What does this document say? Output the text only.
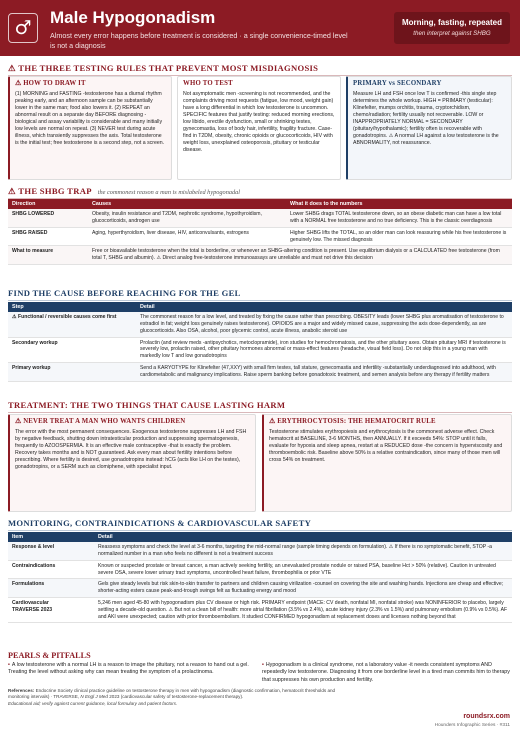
♂	Male Hypogonadism
Almost every error happens before treatment is considered · a single convenience-timed level is not a diagnosis
Morning, fasting, repeated
then interpret against SHBG
⚠ THE THREE TESTING RULES THAT PREVENT MOST MISDIAGNOSIS
⚠ HOW TO DRAW IT
(1) MORNING and FASTING -testosterone has a diurnal rhythm peaking early, and an afternoon sample can be substantially lower in the same man; food also lowers it. (2) REPEAT an abnormal result on a separate day BEFORE diagnosing -biological and assay variability is considerable and many initially low levels are normal on repeat. (3) NEVER test during acute illness, which transiently suppresses the axis. Total testosterone is the initial test; free testosterone is a second step, not a screen.
WHO TO TEST
Not asymptomatic men -screening is not recommended, and the complaints driving most requests (fatigue, low mood, weight gain) have a long differential in which low testosterone is uncommon. SPECIFIC features that justify testing: reduced morning erections, low libido, erectile dysfunction, small or shrinking testes, gynecomastia, loss of body hair, infertility, fragility fracture. Case-find in T2DM, obesity, chronic opioids or glucocorticoids, HIV with weight loss, unexplained osteoporosis, pituitary or testicular disease.
PRIMARY vs SECONDARY
Measure LH and FSH once low T is confirmed -this single step determines the whole workup. HIGH = PRIMARY (testicular): Klinefelter, mumps orchitis, trauma, cryptorchidism, chemo/radiation; fertility usually not recoverable. LOW or INAPPROPRIATELY NORMAL = SECONDARY (pituitary/hypothalamic); fertility often is recoverable with gonadotropins. ⚠ A normal LH against a low testosterone is the ABNORMALITY, not reassurance.
⚠ THE SHBG TRAP the commonest reason a man is mislabeled hypogonadal
Direction	Causes	What it does to the numbers
SHBG LOWERED	Obesity, insulin resistance and T2DM, nephrotic syndrome, hypothyroidism, glucocorticoids, androgen use	Lower SHBG drags TOTAL testosterone down, so an obese diabetic man can have a low total with a NORMAL free testosterone and no true deficiency. This is the classic overdiagnosis
SHBG RAISED	Aging, hyperthyroidism, liver disease, HIV, anticonvulsants, estrogens	Higher SHBG lifts the TOTAL, so an older man can look reassuring while his free testosterone is genuinely low. The missed diagnosis
What to measure	Free or bioavailable testosterone when the total is borderline, or whenever an SHBG-altering condition is present. Use equilibrium dialysis or a CALCULATED free testosterone (from total T, SHBG and albumin). ⚠ Direct analog free-testosterone immunoassays are unreliable and must not drive this decision	
FIND THE CAUSE BEFORE REACHING FOR THE GEL
Step	Detail
⚠ Functional / reversible causes come first	The commonest reason for a low level, and treated by fixing the cause rather than prescribing. OBESITY leads (lower SHBG plus aromatisation of testosterone to estradiol in fat; weight loss genuinely raises testosterone). OPIOIDS are a major and widely missed cause, suppressing the axis dose-dependently, as are glucocorticoids. Also OSA, alcohol, poor glycemic control, acute illness, anabolic steroid use
Secondary workup	Prolactin (and review meds -antipsychotics, metoclopramide), iron studies for hemochromatosis, and the other pituitary axes. Obtain pituitary MRI if testosterone is severely low, prolactin raised, other pituitary hormones abnormal or mass-effect features (headache, visual field loss). Do not skip this in a young man with markedly low T and low gonadotropins
Primary workup	Send a KARYOTYPE for Klinefelter (47,XXY) with small firm testes, tall stature, gynecomastia and infertility -substantially underdiagnosed into adulthood, with cardiometabolic and malignancy implications. Raise sperm banking before gonadotoxic treatment, and semen analysis before any therapy if fertility matters
TREATMENT: THE TWO THINGS THAT CAUSE LASTING HARM
⚠ NEVER TREAT A MAN WHO WANTS CHILDREN
The error with the most permanent consequences. Exogenous testosterone suppresses LH and FSH by negative feedback, shutting down intratesticular production and suppressing spermatogenesis, frequently to AZOOSPERMIA. It is an effective male contraceptive -that is exactly the problem. Recovery takes months and is NOT guaranteed. Ask every man about fertility intentions before prescribing. Where fertility is desired, use gonadotropins instead: hCG (acts like LH on the testes), gonadotropins, or a SERM such as clomiphene, with specialist input.
⚠ ERYTHROCYTOSIS: THE HEMATOCRIT RULE
Testosterone stimulates erythropoiesis and erythrocytosis is the commonest adverse effect. Check hematocrit at BASELINE, 3-6 MONTHS, then ANNUALLY. If it exceeds 54%: STOP until it falls, evaluate for hypoxia and sleep apnea, restart at a REDUCED dose -the concern is hyperviscosity and thromboembolic risk. Baseline above 50% is a relative contraindication, since many of those men will cross 54% on treatment.
MONITORING, CONTRAINDICATIONS & CARDIOVASCULAR SAFETY
Item	Detail
Response & level	Reassess symptoms and check the level at 3-6 months, targeting the mid-normal range (sample timing depends on formulation). ⚠ If there is no symptomatic benefit, STOP -a normalized number in a man who feels no different is not a treatment success
Contraindications	Known or suspected prostate or breast cancer, a man actively seeking fertility, an unevaluated prostate nodule or raised PSA, baseline Hct > 50% (relative). Caution in untreated severe OSA, severe lower urinary tract symptoms, uncontrolled heart failure, thrombophilia or prior VTE
Formulations	Gels give steady levels but risk skin-to-skin transfer to partners and children causing virilization -counsel on covering the site and washing hands. Injections are cheap and effective; shorter-acting esters cause peak-and-trough swings felt as fluctuating energy and mood
Cardiovascular
TRAVERSE 2023	5,246 men aged 45-80 with hypogonadism plus CV disease or high risk. PRIMARY endpoint (MACE: CV death, nonfatal MI, nonfatal stroke) was NONINFERIOR to placebo, largely settling a decade-old question. ⚠ But not a clean bill of health: more atrial fibrillation (3.5% vs 2.4%), acute kidney injury (2.3% vs 1.5%) and pulmonary embolism (0.9% vs 0.5%). AF and AKI were unexpected; caution with prior thromboembolism. It studied CONFIRMED hypogonadism at replacement doses and licenses nothing beyond that
PEARLS & PITFALLS
• A low testosterone with a normal LH is a reason to image the pituitary, not a reason to hand out a gel. Treating the level without asking why can mean treating the symptom of a prolactinoma.
• Hypogonadism is a clinical syndrome, not a laboratory value -it needs consistent symptoms AND repeatedly low testosterone. Diagnosing it from one borderline level in a tired man commits him to therapy that suppresses his own production and fertility.
References: Endocrine Society clinical practice guideline on testosterone therapy in men with hypogonadism (diagnostic confirmation, hematocrit thresholds and monitoring intervals) · TRAVERSE, N Engl J Med 2023 (cardiovascular safety of testosterone-replacement therapy).
Educational aid; verify against current guidance, local formulary and patient factors.
roundsrx.com
Hounders Infographic Series · #311
